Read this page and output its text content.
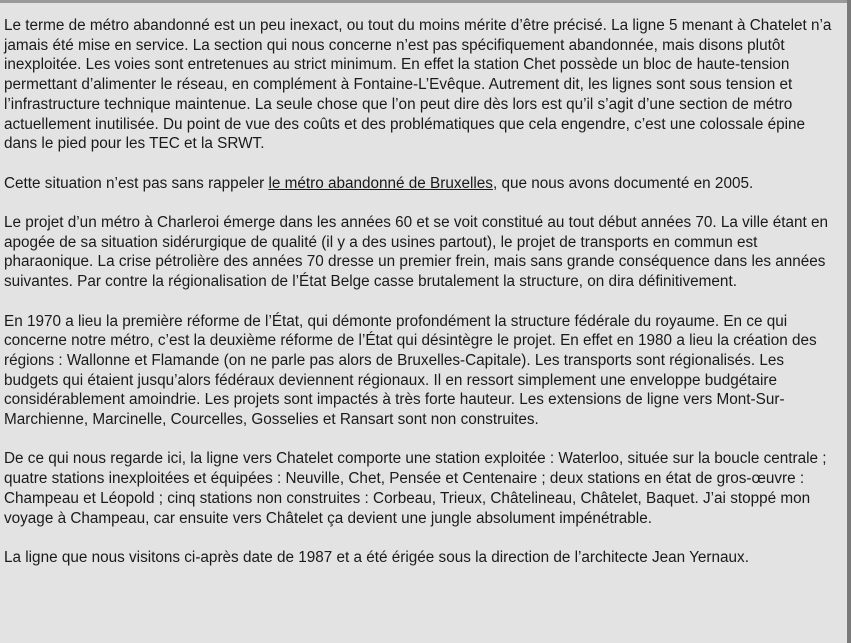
Le terme de métro abandonné est un peu inexact, ou tout du moins mérite d’être précisé. La ligne 5 menant à Chatelet n’a jamais été mise en service. La section qui nous concerne n’est pas spécifiquement abandonnée, mais disons plutôt inexploitée. Les voies sont entretenues au strict minimum. En effet la station Chet possède un bloc de haute-tension permettant d’alimenter le réseau, en complément à Fontaine-L’Evêque. Autrement dit, les lignes sont sous tension et l’infrastructure technique maintenue. La seule chose que l’on peut dire dès lors est qu’il s’agit d’une section de métro actuellement inutilisée. Du point de vue des coûts et des problématiques que cela engendre, c’est une colossale épine dans le pied pour les TEC et la SRWT.

Cette situation n’est pas sans rappeler le métro abandonné de Bruxelles, que nous avons documenté en 2005.

Le projet d’un métro à Charleroi émerge dans les années 60 et se voit constitué au tout début années 70. La ville étant en apogée de sa situation sidérurgique de qualité (il y a des usines partout), le projet de transports en commun est pharaonique. La crise pétrolière des années 70 dresse un premier frein, mais sans grande conséquence dans les années suivantes. Par contre la régionalisation de l’État Belge casse brutalement la structure, on dira définitivement.

En 1970 a lieu la première réforme de l’État, qui démonte profondément la structure fédérale du royaume. En ce qui concerne notre métro, c’est la deuxième réforme de l’État qui désintègre le projet. En effet en 1980 a lieu la création des régions : Wallonne et Flamande (on ne parle pas alors de Bruxelles-Capitale). Les transports sont régionalisés. Les budgets qui étaient jusqu’alors fédéraux deviennent régionaux. Il en ressort simplement une enveloppe budgétaire considérablement amoindrie. Les projets sont impactés à très forte hauteur. Les extensions de ligne vers Mont-Sur-Marchienne, Marcinelle, Courcelles, Gosselies et Ransart sont non construites.

De ce qui nous regarde ici, la ligne vers Chatelet comporte une station exploitée : Waterloo, située sur la boucle centrale ; quatre stations inexploitées et équipées : Neuville, Chet, Pensée et Centenaire ; deux stations en état de gros-œuvre : Champeau et Léopold ; cinq stations non construites : Corbeau, Trieux, Châtelineau, Châtelet, Baquet. J’ai stoppé mon voyage à Champeau, car ensuite vers Châtelet ça devient une jungle absolument impénétrable.

La ligne que nous visitons ci-après date de 1987 et a été érigée sous la direction de l’architecte Jean Yernaux.
